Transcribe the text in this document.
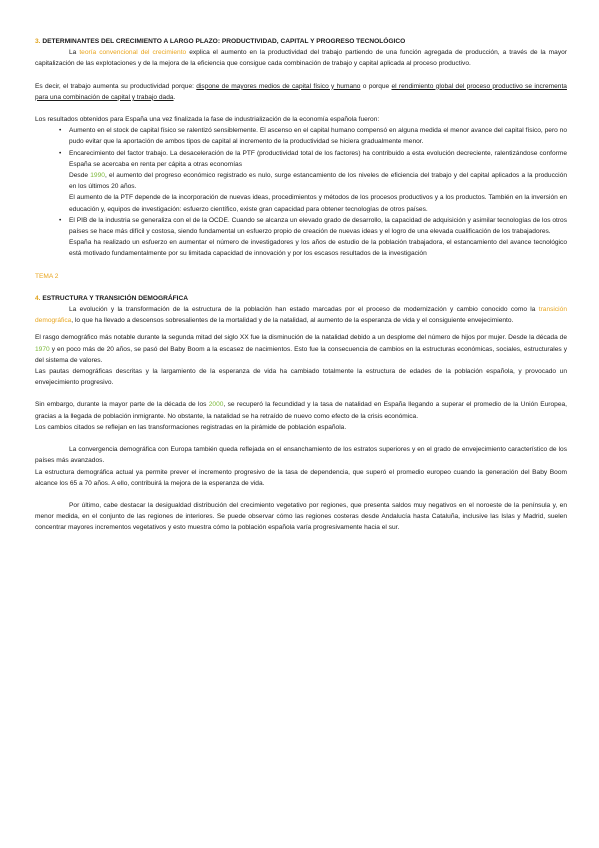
3. DETERMINANTES DEL CRECIMIENTO A LARGO PLAZO: PRODUCTIVIDAD, CAPITAL Y PROGRESO TECNOLÓGICO

La teoría convencional del crecimiento explica el aumento en la productividad del trabajo partiendo de una función agregada de producción, a través de la mayor capitalización de las explotaciones y de la mejora de la eficiencia que consigue cada combinación de trabajo y capital aplicada al proceso productivo.

Es decir, el trabajo aumenta su productividad porque: dispone de mayores medios de capital físico y humano o porque el rendimiento global del proceso productivo se incrementa para una combinación de capital y trabajo dada.

Los resultados obtenidos para España una vez finalizada la fase de industrialización de la economía española fueron:

• Aumento en el stock de capital físico se ralentizó sensiblemente. El ascenso en el capital humano compensó en alguna medida el menor avance del capital físico, pero no pudo evitar que la aportación de ambos tipos de capital al incremento de la productividad se hiciera gradualmente menor.
• Encarecimiento del factor trabajo. La desaceleración de la PTF (productividad total de los factores) ha contribuido a esta evolución decreciente, ralentizándose conforme España se acercaba en renta per cápita a otras economías

Desde 1990, el aumento del progreso económico registrado es nulo, surge estancamiento de los niveles de eficiencia del trabajo y del capital aplicados a la producción en los últimos 20 años.

El aumento de la PTF depende de la incorporación de nuevas ideas, procedimientos y métodos de los procesos productivos y a los productos. También en la inversión en educación y, equipos de investigación: esfuerzo científico, existe gran capacidad para obtener tecnologías de otros países.

• El PIB de la industria se generaliza con el de la OCDE. Cuando se alcanza un elevado grado de desarrollo, la capacidad de adquisición y asimilar tecnologías de los otros países se hace más difícil y costosa, siendo fundamental un esfuerzo propio de creación de nuevas ideas y el logro de una elevada cualificación de los trabajadores.

España ha realizado un esfuerzo en aumentar el número de investigadores y los años de estudio de la población trabajadora, el estancamiento del avance tecnológico está motivado fundamentalmente por su limitada capacidad de innovación y por los escasos resultados de la investigación

TEMA 2

4. ESTRUCTURA Y TRANSICIÓN DEMOGRÁFICA

La evolución y la transformación de la estructura de la población han estado marcadas por el proceso de modernización y cambio conocido como la transición demográfica, lo que ha llevado a descensos sobresalientes de la mortalidad y de la natalidad, al aumento de la esperanza de vida y el consiguiente envejecimiento.

El rasgo demográfico más notable durante la segunda mitad del siglo XX fue la disminución de la natalidad debido a un desplome del número de hijos por mujer. Desde la década de 1970 y en poco más de 20 años, se pasó del Baby Boom a la escasez de nacimientos. Esto fue la consecuencia de cambios en la estructuras económicas, sociales, estructurales y del sistema de valores.

Las pautas demográficas descritas y la largamiento de la esperanza de vida ha cambiado totalmente la estructura de edades de la población española, y provocado un envejecimiento progresivo.

Sin embargo, durante la mayor parte de la década de los 2000, se recuperó la fecundidad y la tasa de natalidad en España llegando a superar el promedio de la Unión Europea, gracias a la llegada de población inmigrante. No obstante, la natalidad se ha retraído de nuevo como efecto de la crisis económica.

Los cambios citados se reflejan en las transformaciones registradas en la pirámide de población española.

La convergencia demográfica con Europa también queda reflejada en el ensanchamiento de los estratos superiores y en el grado de envejecimiento característico de los países más avanzados.

La estructura demográfica actual ya permite prever el incremento progresivo de la tasa de dependencia, que superó el promedio europeo cuando la generación del Baby Boom alcance los 65 a 70 años. A ello, contribuirá la mejora de la esperanza de vida.

Por último, cabe destacar la desigualdad distribución del crecimiento vegetativo por regiones, que presenta saldos muy negativos en el noroeste de la península y, en menor medida, en el conjunto de las regiones de interiores. Se puede observar cómo las regiones costeras desde Andalucía hasta Cataluña, inclusive las Islas y Madrid, suelen concentrar mayores incrementos vegetativos y esto muestra cómo la población española varía progresivamente hacia el sur.
